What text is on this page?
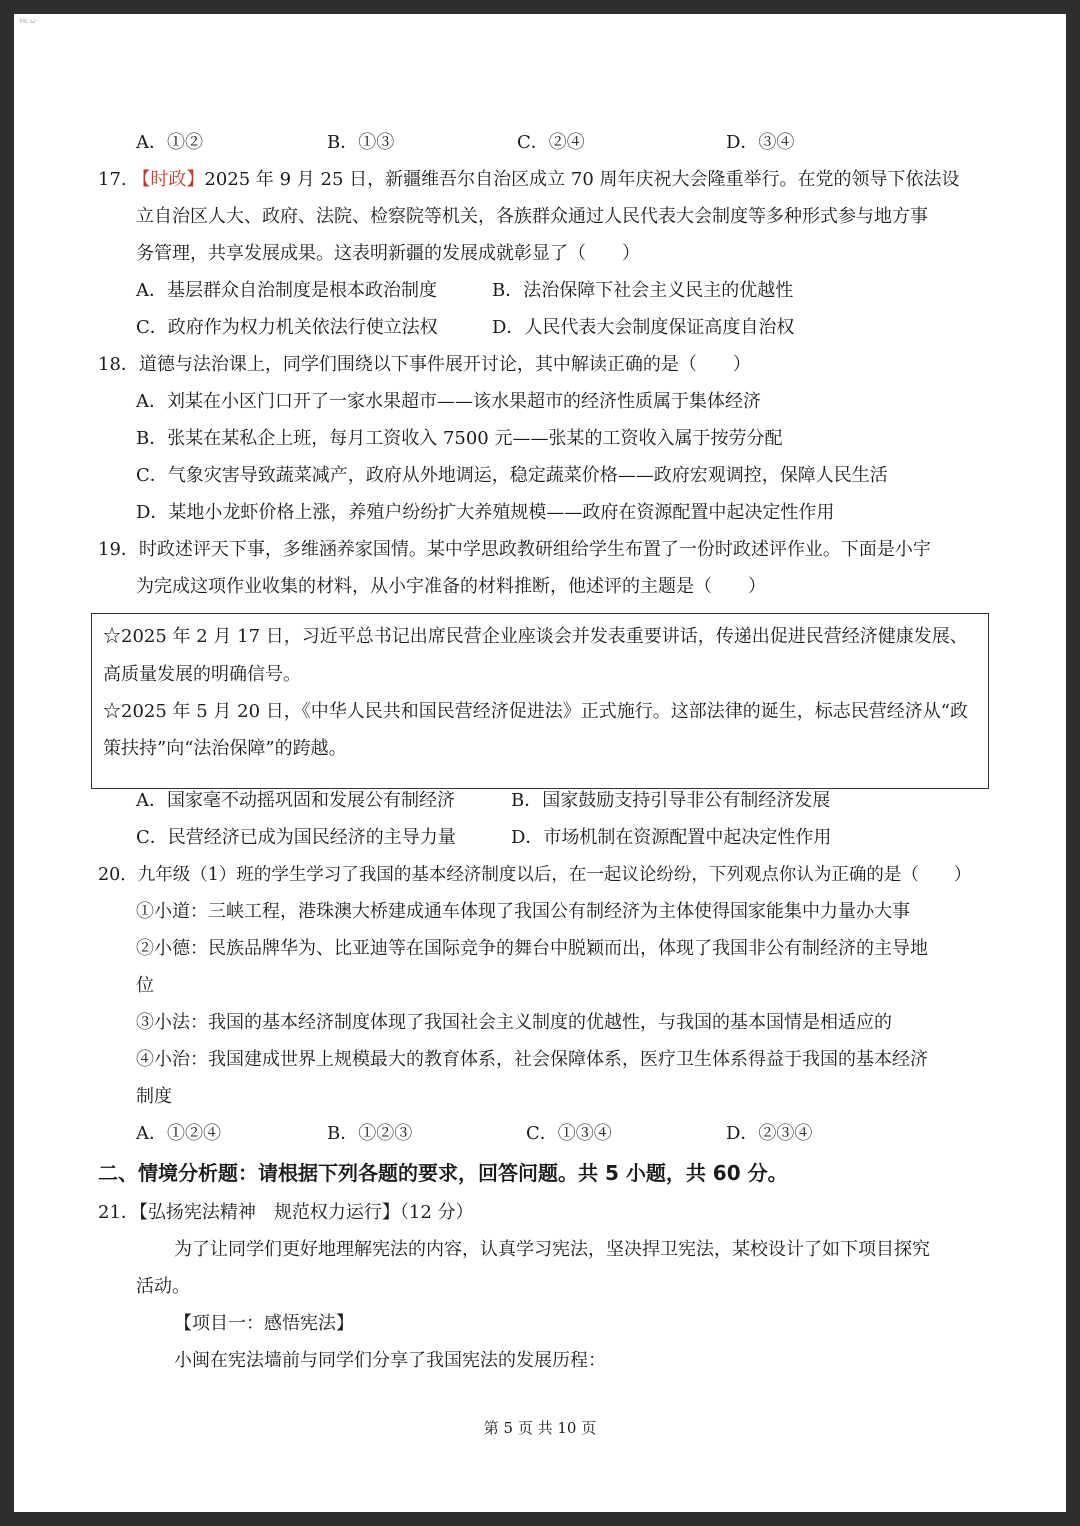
·ML·ω·
A．①②	B．①③	C．②④	D．③④
17. 【时政】2025 年 9 月 25 日，新疆维吾尔自治区成立 70 周年庆祝大会隆重举行。在党的领导下依法设
立自治区人大、政府、法院、检察院等机关，各族群众通过人民代表大会制度等多种形式参与地方事
务管理，共享发展成果。这表明新疆的发展成就彰显了（　　）
A．基层群众自治制度是根本政治制度	B．法治保障下社会主义民主的优越性
C．政府作为权力机关依法行使立法权	D．人民代表大会制度保证高度自治权
18．道德与法治课上，同学们围绕以下事件展开讨论，其中解读正确的是（　　）
A．刘某在小区门口开了一家水果超市——该水果超市的经济性质属于集体经济
B．张某在某私企上班，每月工资收入 7500 元——张某的工资收入属于按劳分配
C．气象灾害导致蔬菜减产，政府从外地调运，稳定蔬菜价格——政府宏观调控，保障人民生活
D．某地小龙虾价格上涨，养殖户纷纷扩大养殖规模——政府在资源配置中起决定性作用
19．时政述评天下事，多维涵养家国情。某中学思政教研组给学生布置了一份时政述评作业。下面是小宇
为完成这项作业收集的材料，从小宇准备的材料推断，他述评的主题是（　　）
☆2025 年 2 月 17 日，习近平总书记出席民营企业座谈会并发表重要讲话，传递出促进民营经济健康发展、
高质量发展的明确信号。
☆2025 年 5 月 20 日，《中华人民共和国民营经济促进法》正式施行。这部法律的诞生，标志民营经济从“政
策扶持”向“法治保障”的跨越。
A．国家毫不动摇巩固和发展公有制经济	B．国家鼓励支持引导非公有制经济发展
C．民营经济已成为国民经济的主导力量	D．市场机制在资源配置中起决定性作用
20．九年级（1）班的学生学习了我国的基本经济制度以后，在一起议论纷纷，下列观点你认为正确的是（　　）
①小道：三峡工程，港珠澳大桥建成通车体现了我国公有制经济为主体使得国家能集中力量办大事
②小德：民族品牌华为、比亚迪等在国际竞争的舞台中脱颖而出，体现了我国非公有制经济的主导地
位
③小法：我国的基本经济制度体现了我国社会主义制度的优越性，与我国的基本国情是相适应的
④小治：我国建成世界上规模最大的教育体系，社会保障体系，医疗卫生体系得益于我国的基本经济
制度
A．①②④	B．①②③	C．①③④	D．②③④
二、情境分析题：请根据下列各题的要求，回答问题。共 5 小题，共 60 分。
21．【弘扬宪法精神　规范权力运行】（12 分）
为了让同学们更好地理解宪法的内容，认真学习宪法，坚决捍卫宪法，某校设计了如下项目探究
活动。
【项目一：感悟宪法】
小闽在宪法墙前与同学们分享了我国宪法的发展历程：
第 5 页 共 10 页
